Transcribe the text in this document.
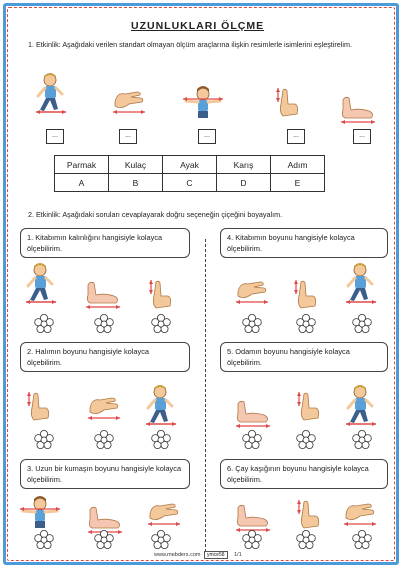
UZUNLUKLARI ÖLÇME
1. Etkinlik: Aşağıdaki verilen standart olmayan ölçüm araçlarına ilişkin resimlerle isimlerini eşleştirelim.
...	...	...	...	...
Parmak	Kulaç	Ayak	Karış	Adım
A	B	C	D	E
2. Etkinlik: Aşağıdaki soruları cevaplayarak doğru seçeneğin çiçeğini boyayalım.
1. Kitabımın kalınlığını hangisiyle kolayca ölçebilirim.
2. Halımın boyunu hangisiyle kolayca ölçebilirim.
3. Uzun bir kumaşın boyunu hangisiyle kolayca ölçebilirim.
4. Kitabımın boyunu hangisiyle kolayca ölçebilirim.
5. Odamın boyunu hangisiyle kolayca ölçebilirim.
6. Çay kaşığının boyunu hangisiyle kolayca ölçebilirim.
www.mebders.com	ymce58	1/1
